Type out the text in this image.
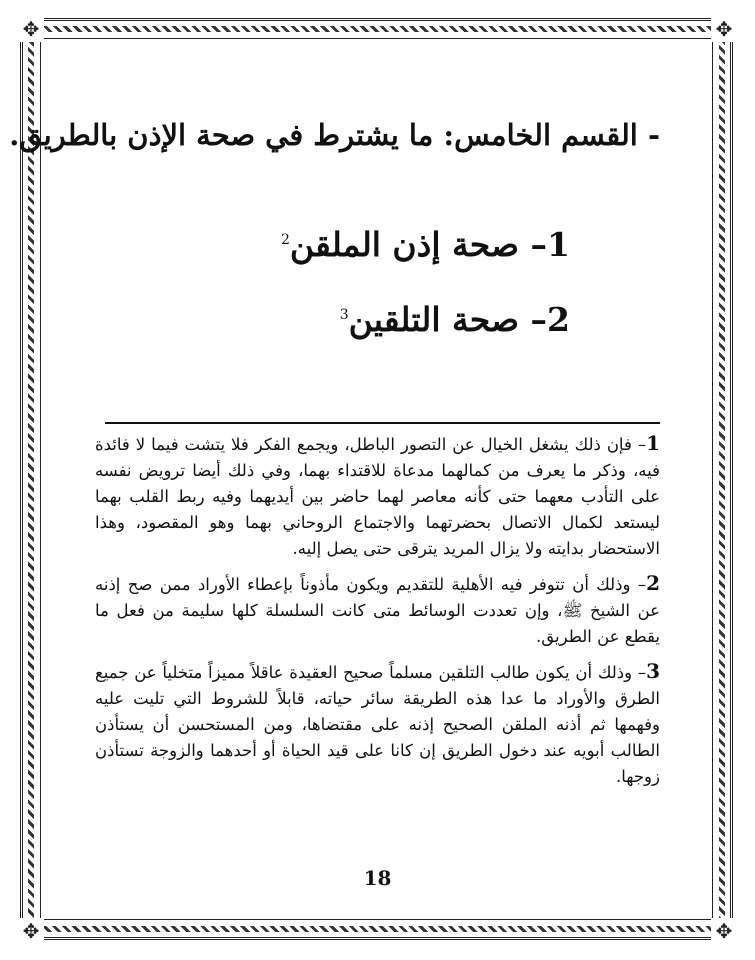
✥	✥
✥	✥
- القسم الخامس: ما يشترط في صحة الإذن بالطريق.
1– صحة إذن الملقن$^2$
2– صحة التلقين$^3$

1– فإن ذلك يشغل الخيال عن التصور الباطل، ويجمع الفكر فلا يتشت فيما لا فائدة فيه، وذكر ما يعرف من كمالهما مدعاة للاقتداء بهما، وفي ذلك أيضا ترويض نفسه على التأدب معهما حتى كأنه معاصر لهما حاضر بين أيديهما وفيه ربط القلب بهما ليستعد لكمال الاتصال بحضرتهما والاجتماع الروحاني بهما وهو المقصود، وهذا الاستحضار بدايته ولا يزال المريد يترقى حتى يصل إليه.

2– وذلك أن تتوفر فيه الأهلية للتقديم ويكون مأذوناً بإعطاء الأوراد ممن صح إذنه عن الشيخ ﷺ، وإن تعددت الوسائط متى كانت السلسلة كلها سليمة من فعل ما يقطع عن الطريق.

3– وذلك أن يكون طالب التلقين مسلماً صحيح العقيدة عاقلاً مميزاً متخلياً عن جميع الطرق والأوراد ما عدا هذه الطريقة سائر حياته، قابلاً للشروط التي تليت عليه وفهمها ثم أذنه الملقن الصحيح إذنه على مقتضاها، ومن المستحسن أن يستأذن الطالب أبويه عند دخول الطريق إن كانا على قيد الحياة أو أحدهما والزوجة تستأذن زوجها.

18
